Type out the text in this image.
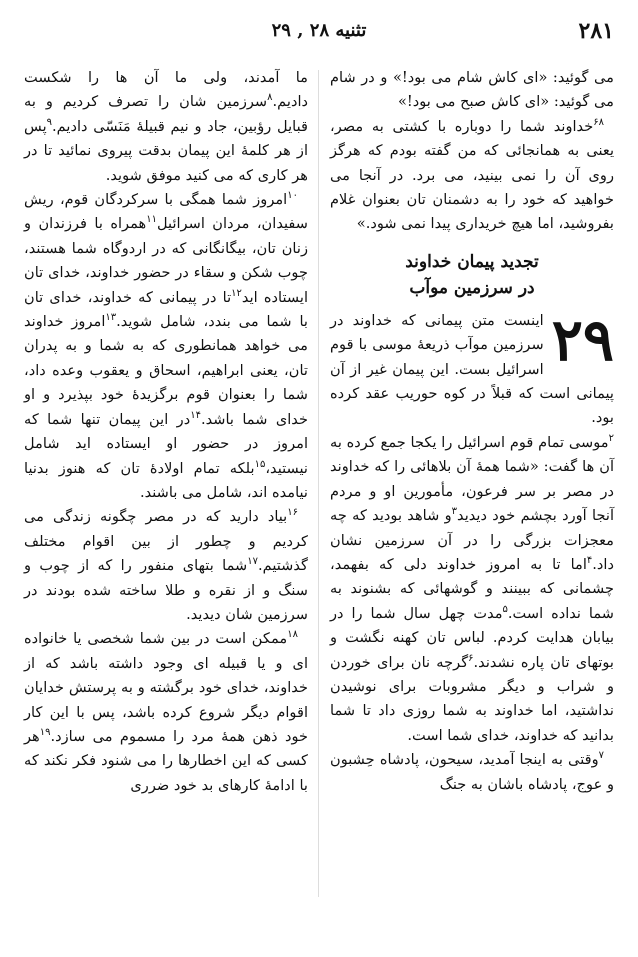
۲۸۱
تثنیه ۲۸ , ۲۹

می گوئید: «ای کاش شام می بود!» و در شام می گوئید: «ای کاش صبح می بود!»

$^{۶۸}$خداوند شما را دوباره با کشتی به مصر، یعنی به همانجائی که من گفته بودم که هرگز روی آن را نمی بینید، می برد. در آنجا می خواهید که خود را به دشمنان تان بعنوان غلام بفروشید، اما هیچ خریداری پیدا نمی شود.»

تجدید پیمان خداوند
در سرزمین موآب
۲۹

اینست متن پیمانی که خداوند در سرزمین موآب ذریعهٔ موسی با قوم اسرائیل بست. این پیمان غیر از آن پیمانی است که قبلاً در کوه حوریب عقد کرده بود.

$^۲$موسی تمام قوم اسرائیل را یکجا جمع کرده به آن ها گفت: «شما همهٔ آن بلاهائی را که خداوند در مصر بر سر فرعون، مأمورین او و مردم آنجا آورد بچشم خود دیدید$^۳$و شاهد بودید که چه معجزات بزرگی را در آن سرزمین نشان داد.$^۴$اما تا به امروز خداوند دلی که بفهمد، چشمانی که ببینند و گوشهائی که بشنوند به شما نداده است.$^۵$مدت چهل سال شما را در بیابان هدایت کردم. لباس تان کهنه نگشت و بوتهای تان پاره نشدند.$^۶$گرچه نان برای خوردن و شراب و دیگر مشروبات برای نوشیدن نداشتید، اما خداوند به شما روزی داد تا شما بدانید که خداوند، خدای شما است.

$^۷$وقتی به اینجا آمدید، سیحون، پادشاه حِشبون و عوج، پادشاه باشان به جنگ

ما آمدند، ولی ما آن ها را شکست دادیم.$^۸$سرزمین شان را تصرف کردیم و به قبایل رؤبین، جاد و نیم قبیلهٔ مَنَسّی دادیم.$^۹$پس از هر کلمهٔ این پیمان بدقت پیروی نمائید تا در هر کاری که می کنید موفق شوید.

$^{۱۰}$امروز شما همگی با سرکردگان قوم، ریش سفیدان، مردان اسرائیل$^{۱۱}$همراه با فرزندان و زنان تان، بیگانگانی که در اردوگاه شما هستند، چوب شکن و سقاء در حضور خداوند، خدای تان ایستاده اید$^{۱۲}$تا در پیمانی که خداوند، خدای تان با شما می بندد، شامل شوید.$^{۱۳}$امروز خداوند می خواهد همانطوری که به شما و به پدران تان، یعنی ابراهیم، اسحاق و یعقوب وعده داد، شما را بعنوان قوم برگزیدهٔ خود بپذیرد و او خدای شما باشد.$^{۱۴}$در این پیمان تنها شما که امروز در حضور او ایستاده اید شامل نیستید،$^{۱۵}$بلکه تمام اولادهٔ تان که هنوز بدنیا نیامده اند، شامل می باشند.

$^{۱۶}$بیاد دارید که در مصر چگونه زندگی می کردیم و چطور از بین اقوام مختلف گذشتیم.$^{۱۷}$شما بتهای منفور را که از چوب و سنگ و از نقره و طلا ساخته شده بودند در سرزمین شان دیدید.

$^{۱۸}$ممکن است در بین شما شخصی یا خانواده ای و یا قبیله ای وجود داشته باشد که از خداوند، خدای خود برگشته و به پرستش خدایان اقوام دیگر شروع کرده باشد، پس با این کار خود ذهن همهٔ مرد را مسموم می سازد.$^{۱۹}$هر کسی که این اخطارها را می شنود فکر نکند که با ادامهٔ کارهای بد خود ضرری
